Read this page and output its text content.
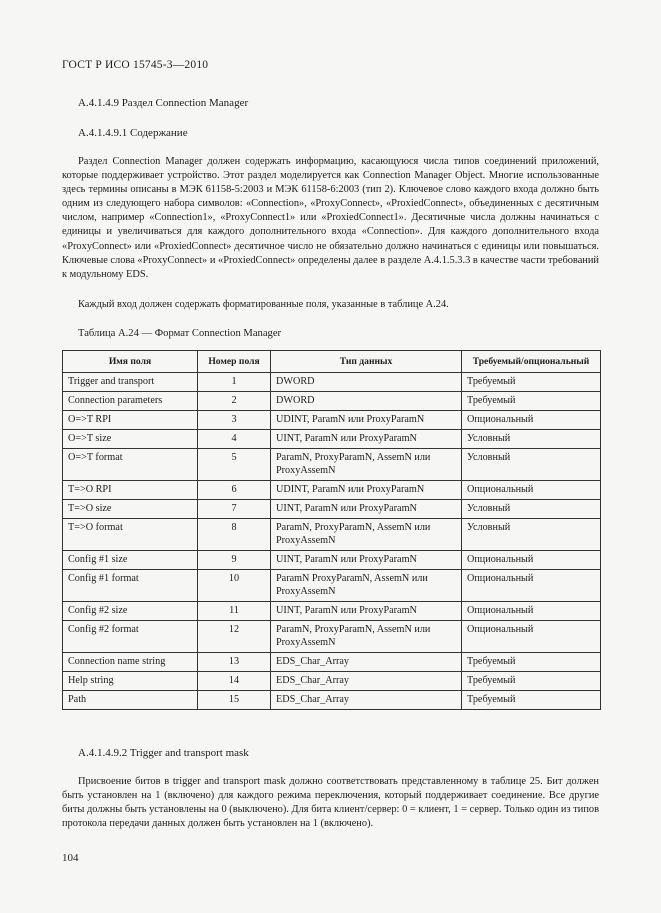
ГОСТ Р ИСО 15745-3—2010
A.4.1.4.9 Раздел Connection Manager
A.4.1.4.9.1 Содержание

Раздел Connection Manager должен содержать информацию, касающуюся числа типов соединений приложений, которые поддерживает устройство. Этот раздел моделируется как Connection Manager Object. Многие использованные здесь термины описаны в МЭК 61158-5:2003 и МЭК 61158-6:2003 (тип 2). Ключевое слово каждого входа должно быть одним из следующего набора символов: «Connection», «ProxyConnect», «ProxiedConnect», объединенных с десятичным числом, например «Connection1», «ProxyConnect1» или «ProxiedConnect1». Десятичные числа должны начинаться с единицы и увеличиваться для каждого дополнительного входа «Connection». Для каждого дополнительного входа «ProxyConnect» или «ProxiedConnect» десятичное число не обязательно должно начинаться с единицы или повышаться. Ключевые слова «ProxyConnect» и «ProxiedConnect» определены далее в разделе A.4.1.5.3.3 в качестве части требований к модульному EDS.

Каждый вход должен содержать форматированные поля, указанные в таблице A.24.

Таблица A.24 — Формат Connection Manager
Имя поля	Номер поля	Тип данных	Требуемый/опциональный
Trigger and transport	1	DWORD	Требуемый
Connection parameters	2	DWORD	Требуемый
O=>T RPI	3	UDINT, ParamN или ProxyParamN	Опциональный
O=>T size	4	UINT, ParamN или ProxyParamN	Условный
O=>T format	5	ParamN, ProxyParamN, AssemN или ProxyAssemN	Условный
T=>O RPI	6	UDINT, ParamN или ProxyParamN	Опциональный
T=>O size	7	UINT, ParamN или ProxyParamN	Условный
T=>O format	8	ParamN, ProxyParamN, AssemN или ProxyAssemN	Условный
Config #1 size	9	UINT, ParamN или ProxyParamN	Опциональный
Config #1 format	10	ParamN ProxyParamN, AssemN или ProxyAssemN	Опциональный
Config #2 size	11	UINT, ParamN или ProxyParamN	Опциональный
Config #2 format	12	ParamN, ProxyParamN, AssemN или ProxyAssemN	Опциональный
Connection name string	13	EDS_Char_Array	Требуемый
Help string	14	EDS_Char_Array	Требуемый
Path	15	EDS_Char_Array	Требуемый
A.4.1.4.9.2 Trigger and transport mask

Присвоение битов в trigger and transport mask должно соответствовать представленному в таблице 25. Бит должен быть установлен на 1 (включено) для каждого режима переключения, который поддерживает соединение. Все другие биты должны быть установлены на 0 (выключено). Для бита клиент/сервер: 0 = клиент, 1 = сервер. Только один из типов протокола передачи данных должен быть установлен на 1 (включено).

104
